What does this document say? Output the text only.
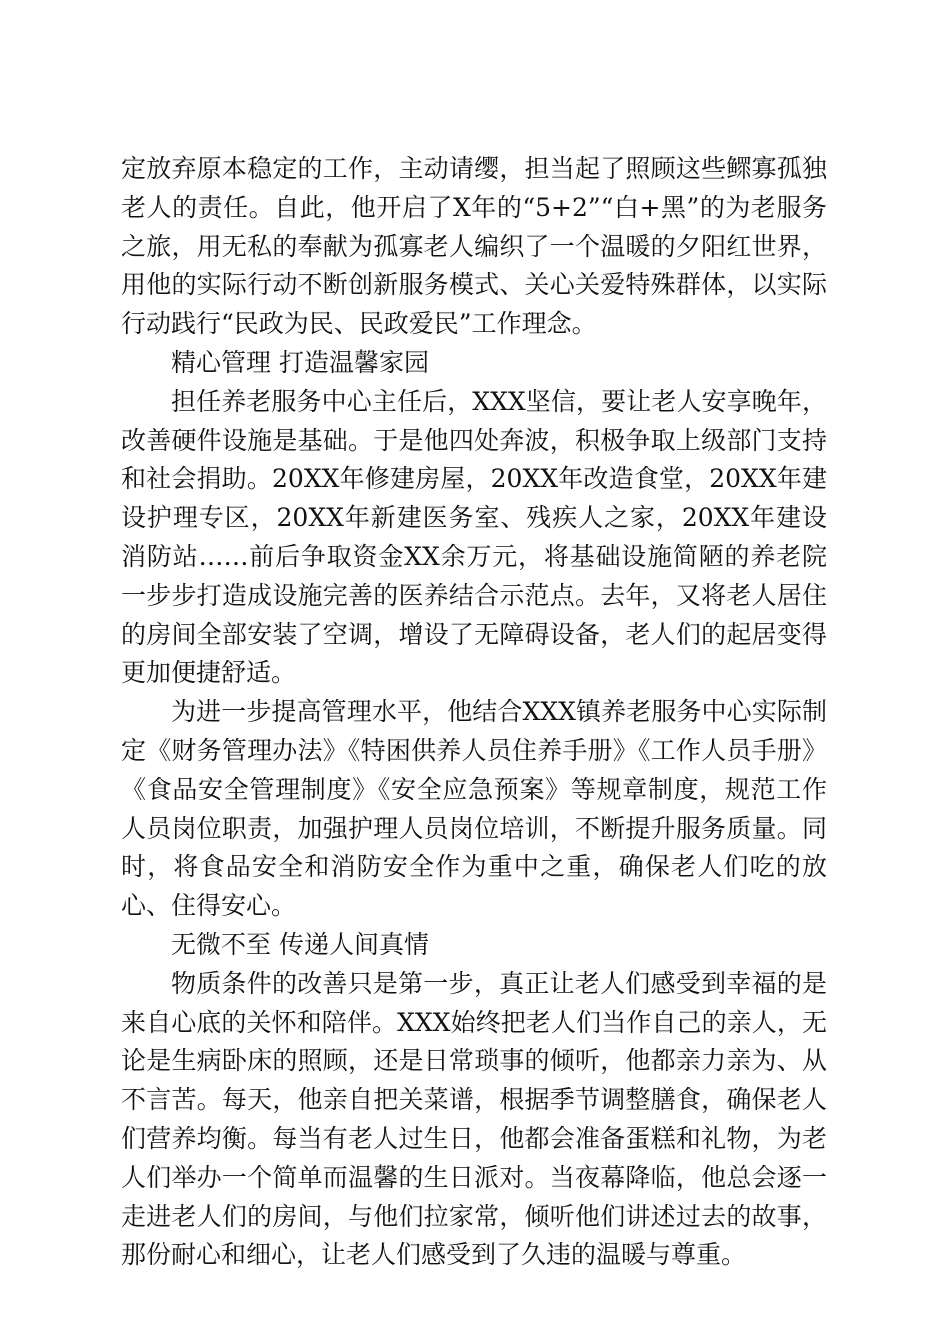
定放弃原本稳定的工作，主动请缨，担当起了照顾这些鳏寡孤独老人的责任。自此，他开启了X年的“5+2”“白+黑”的为老服务之旅，用无私的奉献为孤寡老人编织了一个温暖的夕阳红世界，用他的实际行动不断创新服务模式、关心关爱特殊群体，以实际行动践行“民政为民、民政爱民”工作理念。

精心管理 打造温馨家园

担任养老服务中心主任后，XXX坚信，要让老人安享晚年，改善硬件设施是基础。于是他四处奔波，积极争取上级部门支持和社会捐助。20XX年修建房屋，20XX年改造食堂，20XX年建设护理专区，20XX年新建医务室、残疾人之家，20XX年建设消防站……前后争取资金XX余万元，将基础设施简陋的养老院一步步打造成设施完善的医养结合示范点。去年，又将老人居住的房间全部安装了空调，增设了无障碍设备，老人们的起居变得更加便捷舒适。

为进一步提高管理水平，他结合XXX镇养老服务中心实际制定《财务管理办法》《特困供养人员住养手册》《工作人员手册》《食品安全管理制度》《安全应急预案》等规章制度，规范工作人员岗位职责，加强护理人员岗位培训，不断提升服务质量。同时，将食品安全和消防安全作为重中之重，确保老人们吃的放心、住得安心。

无微不至 传递人间真情

物质条件的改善只是第一步，真正让老人们感受到幸福的是来自心底的关怀和陪伴。XXX始终把老人们当作自己的亲人，无论是生病卧床的照顾，还是日常琐事的倾听，他都亲力亲为、从不言苦。每天，他亲自把关菜谱，根据季节调整膳食，确保老人们营养均衡。每当有老人过生日，他都会准备蛋糕和礼物，为老人们举办一个简单而温馨的生日派对。当夜幕降临，他总会逐一走进老人们的房间，与他们拉家常，倾听他们讲述过去的故事，那份耐心和细心，让老人们感受到了久违的温暖与尊重。
